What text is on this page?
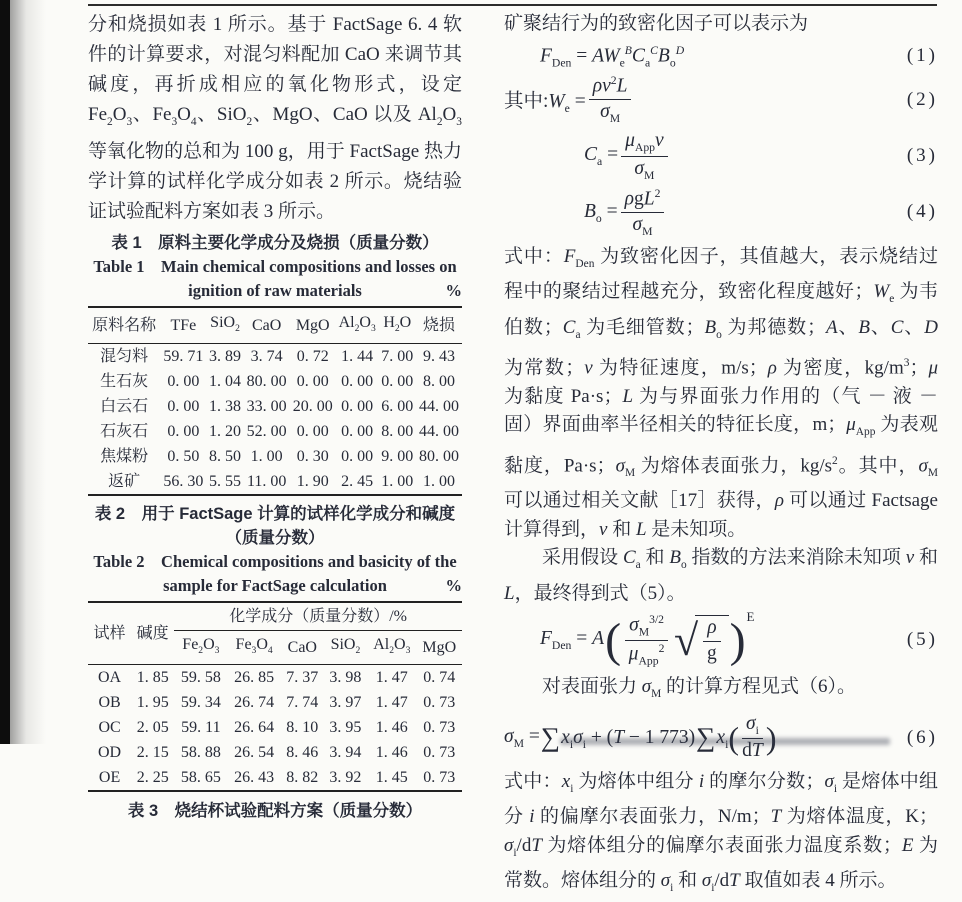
分和烧损如表 1 所示。基于 FactSage 6. 4 软件的计算要求，对混匀料配加 CaO 来调节其碱度，再折成相应的氧化物形式，设定 $Fe_2O_3$、$Fe_3O_4$、SiO$_2$、MgO、CaO 以及 $Al_2O_3$ 等氧化物的总和为 100 g，用于 FactSage 热力学计算的试样化学成分如表 2 所示。烧结验证试验配料方案如表 3 所示。

表 1　原料主要化学成分及烧损（质量分数）
Table 1　Main chemical compositions and losses on
ignition of raw materials	%
原料名称	TFe	SiO$_2$	CaO	MgO	$Al_2O_3$	$H_2O$	烧损
混匀料	59. 71	3. 89	3. 74	0. 72	1. 44	7. 00	9. 43
生石灰	0. 00	1. 04	80. 00	0. 00	0. 00	0. 00	8. 00
白云石	0. 00	1. 38	33. 00	20. 00	0. 00	6. 00	44. 00
石灰石	0. 00	1. 20	52. 00	0. 00	0. 00	8. 00	44. 00
焦煤粉	0. 50	8. 50	1. 00	0. 30	0. 00	9. 00	80. 00
返矿	56. 30	5. 55	11. 00	1. 90	2. 45	1. 00	1. 00
表 2　用于 FactSage 计算的试样化学成分和碱度
（质量分数）
Table 2　Chemical compositions and basicity of the
sample for FactSage calculation	%
试样	碱度	化学成分（质量分数）/%					
		$Fe_2O_3$	$Fe_3O_4$	CaO	SiO$_2$	$Al_2O_3$	MgO
OA	1. 85	59. 58	26. 85	7. 37	3. 98	1. 47	0. 74
OB	1. 95	59. 34	26. 74	7. 74	3. 97	1. 47	0. 73
OC	2. 05	59. 11	26. 64	8. 10	3. 95	1. 46	0. 73
OD	2. 15	58. 88	26. 54	8. 46	3. 94	1. 46	0. 73
OE	2. 25	58. 65	26. 43	8. 82	3. 92	1. 45	0. 73
表 3　烧结杯试验配料方案（质量分数）

矿聚结行为的致密化因子可以表示为

$F_{Den} = AW_e^BC_a^CB_o^D$	(1)
其中$:W_e = \frac{\rho v^2L}{\sigma_M}$	(2)
$C_a = \frac{\mu_{App}v}{\sigma_M}$	(3)
$B_o = \frac{\rho gL^2}{\sigma_M}$	(4)

式中：$F_{Den}$ 为致密化因子，其值越大，表示烧结过程中的聚结过程越充分，致密化程度越好；$W_e$ 为韦伯数；$C_a$ 为毛细管数；$B_o$ 为邦德数；A、B、C、D 为常数；v 为特征速度，m/s；ρ 为密度，$kg/m^3$；μ 为黏度 Pa·s；L 为与界面张力作用的（气 － 液 － 固）界面曲率半径相关的特征长度，m；$\mu_{App}$ 为表观黏度，Pa·s；$\sigma_M$ 为熔体表面张力，$kg/s^2$。其中，$\sigma_M$ 可以通过相关文献［17］获得，ρ 可以通过 Factsage 计算得到，v 和 L 是未知项。

采用假设 $C_a$ 和 $B_o$ 指数的方法来消除未知项 v 和 L，最终得到式（5）。

$F_{Den} = A$ ( $\frac{\sigma_M^{3/2}}{\mu_{App}^2}$ √ $\frac{\rho}{g} )^E$
(5)

对表面张力 $\sigma_M$ 的计算方程见式（6）。

$\sigma_M = \sum x_i\sigma_i + (T - 1$ $773)\sum x_i$ ( $\frac{\sigma_i}{dT}$ )	(6)

式中：$x_i$ 为熔体中组分 i 的摩尔分数；$\sigma_i$ 是熔体中组分 i 的偏摩尔表面张力，N/m；T 为熔体温度，K；$\sigma_i/dT$ 为熔体组分的偏摩尔表面张力温度系数；E 为常数。熔体组分的 $\sigma_i$ 和 $\sigma_i/dT$ 取值如表 4 所示。
